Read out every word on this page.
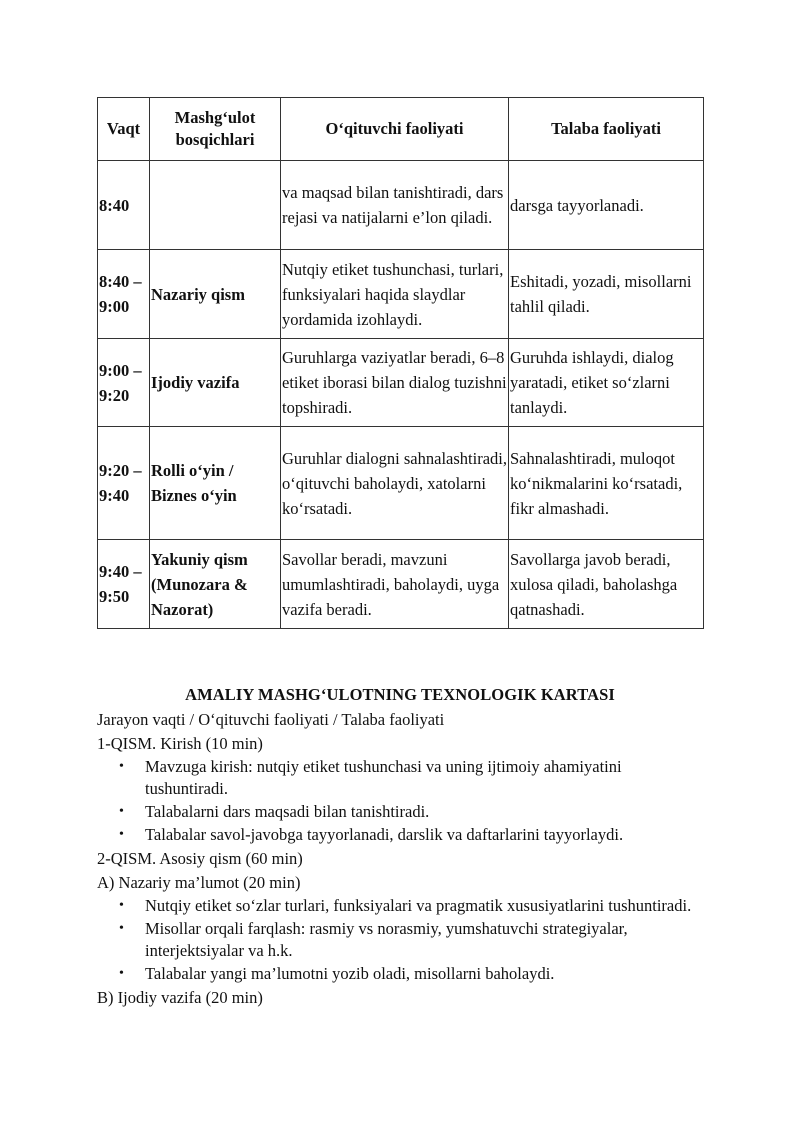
Vaqt	Mashg‘ulot bosqichlari	O‘qituvchi faoliyati	Talaba faoliyati
8:40		va maqsad bilan tanishtiradi, dars rejasi va natijalarni e’lon qiladi.	darsga tayyorlanadi.
8:40 – 9:00	Nazariy qism	Nutqiy etiket tushunchasi, turlari, funksiyalari haqida slaydlar yordamida izohlaydi.	Eshitadi, yozadi, misollarni tahlil qiladi.
9:00 – 9:20	Ijodiy vazifa	Guruhlarga vaziyatlar beradi, 6–8 etiket iborasi bilan dialog tuzishni topshiradi.	Guruhda ishlaydi, dialog yaratadi, etiket so‘zlarni tanlaydi.
9:20 – 9:40	Rolli o‘yin / Biznes o‘yin	Guruhlar dialogni sahnalashtiradi, o‘qituvchi baholaydi, xatolarni ko‘rsatadi.	Sahnalashtiradi, muloqot ko‘nikmalarini ko‘rsatadi, fikr almashadi.
9:40 – 9:50	Yakuniy qism (Munozara & Nazorat)	Savollar beradi, mavzuni umumlashtiradi, baholaydi, uyga vazifa beradi.	Savollarga javob beradi, xulosa qiladi, baholashga qatnashadi.

AMALIY MASHG‘ULOTNING TEXNOLOGIK KARTASI

Jarayon vaqti / O‘qituvchi faoliyati / Talaba faoliyati

1-QISM. Kirish (10 min)

• Mavzuga kirish: nutqiy etiket tushunchasi va uning ijtimoiy ahamiyatini tushuntiradi.
• Talabalarni dars maqsadi bilan tanishtiradi.
• Talabalar savol-javobga tayyorlanadi, darslik va daftarlarini tayyorlaydi.

2-QISM. Asosiy qism (60 min)

A) Nazariy ma’lumot (20 min)

• Nutqiy etiket so‘zlar turlari, funksiyalari va pragmatik xususiyatlarini tushuntiradi.
• Misollar orqali farqlash: rasmiy vs norasmiy, yumshatuvchi strategiyalar, interjektsiyalar va h.k.
• Talabalar yangi ma’lumotni yozib oladi, misollarni baholaydi.

B) Ijodiy vazifa (20 min)
